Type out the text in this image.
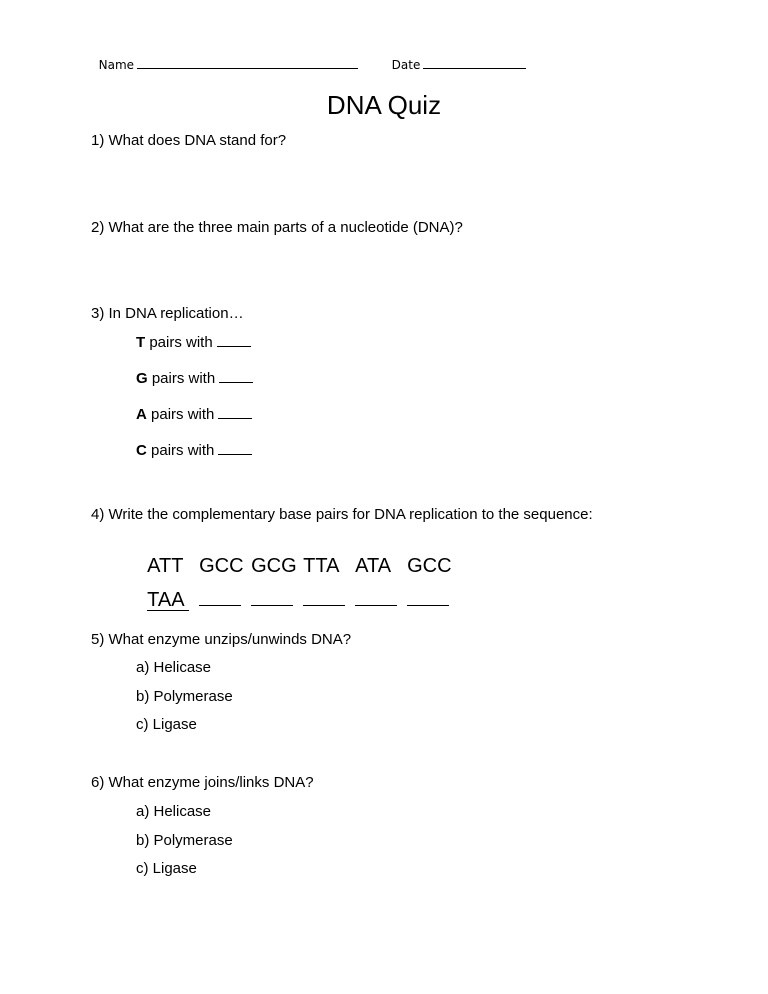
Name	Date

DNA Quiz
1) What does DNA stand for?
2) What are the three main parts of a nucleotide (DNA)?
3) In DNA replication…
T pairs with
G pairs with
A pairs with
C pairs with
4) Write the complementary base pairs for DNA replication to the sequence:

ATT GCC GCG TTA ATA GCC

TAA

5) What enzyme unzips/unwinds DNA?
a) Helicase
b) Polymerase
c) Ligase
6) What enzyme joins/links DNA?
a) Helicase
b) Polymerase
c) Ligase
